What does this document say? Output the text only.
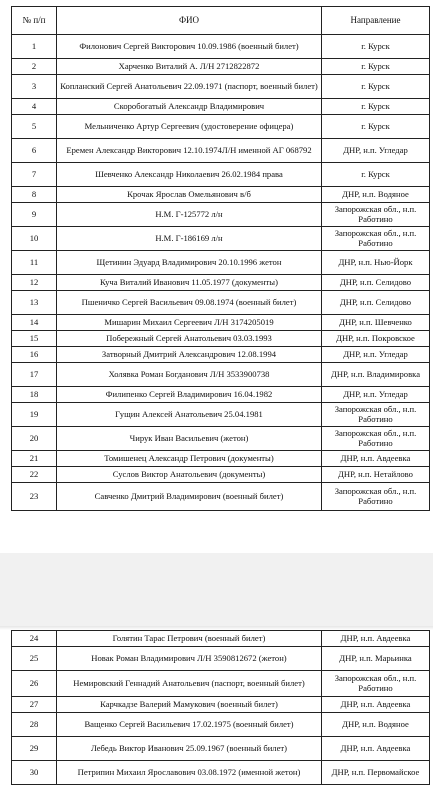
№ п/п	ФИО	Направление
1	Филонович Сергей Викторович 10.09.1986 (военный билет)	г. Курск
2	Харченко Виталий А. Л/Н 2712822872	г. Курск
3	Копланский Сергей Анатольевич 22.09.1971 (паспорт, военный билет)	г. Курск
4	Скоробогатый Александр Владимирович	г. Курск
5	Мельниченко Артур Сергеевич (удостоверение офицера)	г. Курск
6	Еремен Александр Викторович 12.10.1974Л/Н именной АГ 068792	ДНР, н.п. Угледар
7	Шевченко Александр Николаевич 26.02.1984 права	г. Курск
8	Крочак Ярослав Омельянович в/б	ДНР, н.п. Водяное
9	Н.М. Г-125772 л/н	Запорожская обл., н.п. Работино
10	Н.М. Г-186169 л/н	Запорожская обл., н.п. Работино
11	Щетинин Эдуард Владимирович 20.10.1996 жетон	ДНР, н.п. Нью-Йорк
12	Куча Виталий Иванович 11.05.1977 (документы)	ДНР, н.п. Селидово
13	Пшеничко Сергей Васильевич 09.08.1974 (военный билет)	ДНР, н.п. Селидово
14	Мишарин Михаил Сергеевич Л/Н 3174205019	ДНР, н.п. Шевченко
15	Побережный Сергей Анатольевич 03.03.1993	ДНР, н.п. Покровское
16	Затворный Дмитрий Александрович 12.08.1994	ДНР, н.п. Угледар
17	Холявка Роман Богданович Л/Н 3533900738	ДНР, н.п. Владимировка
18	Филипенко Сергей Владимирович 16.04.1982	ДНР, н.п. Угледар
19	Гущин Алексей Анатольевич 25.04.1981	Запорожская обл., н.п. Работино
20	Чирук Иван Васильевич (жетон)	Запорожская обл., н.п. Работино
21	Томишенец Александр Петрович (документы)	ДНР, н.п. Авдеевка
22	Суслов Виктор Анатольевич (документы)	ДНР, н.п. Нетайлово
23	Савченко Дмитрий Владимирович (военный билет)	Запорожская обл., н.п. Работино
24	Голятин Тарас Петрович (военный билет)	ДНР, н.п. Авдеевка
25	Новак Роман Владимирович Л/Н 3590812672 (жетон)	ДНР, н.п. Марьинка
26	Немировский Геннадий Анатольевич (паспорт, военный билет)	Запорожская обл., н.п. Работино
27	Карчкадзе Валерий Мамукович (военный билет)	ДНР, н.п. Авдеевка
28	Ващенко Сергей Васильевич 17.02.1975 (военный билет)	ДНР, н.п. Водяное
29	Лебедь Виктор Иванович 25.09.1967 (военный билет)	ДНР, н.п. Авдеевка
30	Петрипин Михаил Ярославович 03.08.1972 (именной жетон)	ДНР, н.п. Первомайское
